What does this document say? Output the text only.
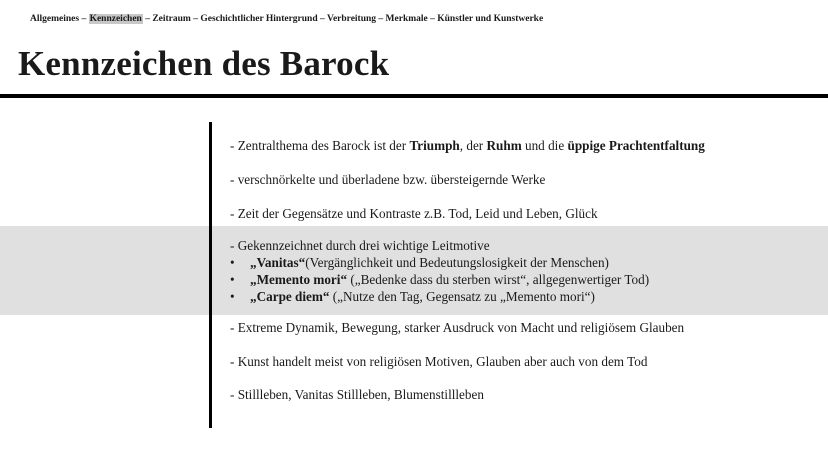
Allgemeines – Kennzeichen – Zeitraum – Geschichtlicher Hintergrund – Verbreitung – Merkmale – Künstler und Kunstwerke
Kennzeichen des Barock
- Zentralthema des Barock ist der Triumph, der Ruhm und die üppige Prachtentfaltung
- verschnörkelte und überladene bzw. übersteigernde Werke
- Zeit der Gegensätze und Kontraste z.B. Tod, Leid und Leben, Glück
- Gekennzeichnet durch drei wichtige Leitmotive
• „Vanitas“(Vergänglichkeit und Bedeutungslosigkeit der Menschen)
• „Memento mori“ („Bedenke dass du sterben wirst“, allgegenwertiger Tod)
• „Carpe diem“ („Nutze den Tag, Gegensatz zu „Memento mori“)
- Extreme Dynamik, Bewegung, starker Ausdruck von Macht und religiösem Glauben
- Kunst handelt meist von religiösen Motiven, Glauben aber auch von dem Tod
- Stillleben, Vanitas Stillleben, Blumenstillleben
